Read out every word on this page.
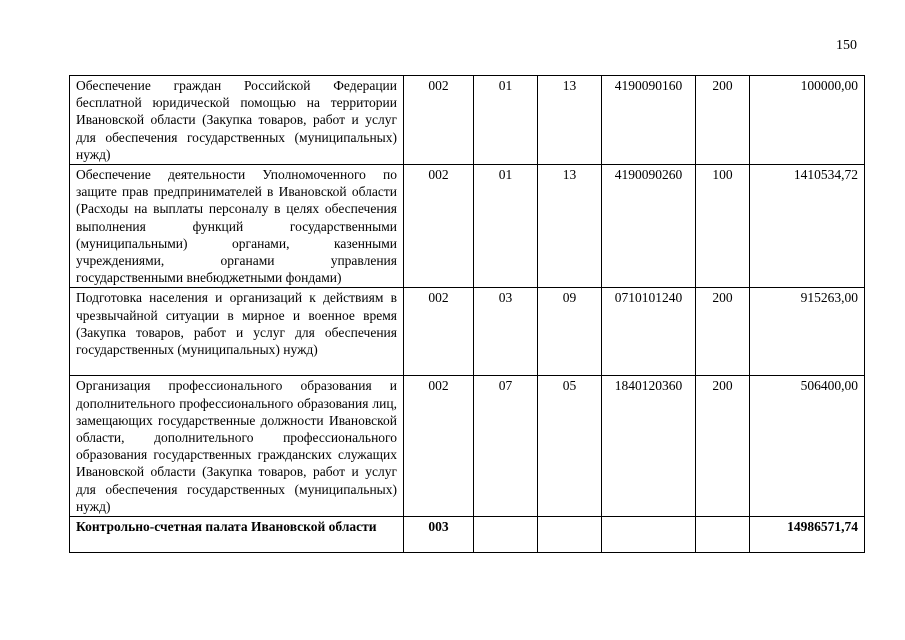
150
Обеспечение граждан Российской Федерации бесплатной юридической помощью на территории Ивановской области (Закупка товаров, работ и услуг для обеспечения государственных (муниципальных) нужд)	002	01	13	4190090160	200	100000,00
Обеспечение деятельности Уполномоченного по защите прав предпринимателей в Ивановской области (Расходы на выплаты персоналу в целях обеспечения выполнения функций государственными (муниципальными) органами, казенными учреждениями, органами управления государственными внебюджетными фондами)	002	01	13	4190090260	100	1410534,72
Подготовка населения и организаций к действиям в чрезвычайной ситуации в мирное и военное время (Закупка товаров, работ и услуг для обеспечения государственных (муниципальных) нужд)	002	03	09	0710101240	200	915263,00
Организация профессионального образования и дополнительного профессионального образования лиц, замещающих государственные должности Ивановской области, дополнительного профессионального образования государственных гражданских служащих Ивановской области (Закупка товаров, работ и услуг для обеспечения государственных (муниципальных) нужд)	002	07	05	1840120360	200	506400,00
Контрольно-счетная палата Ивановской области	003					14986571,74
